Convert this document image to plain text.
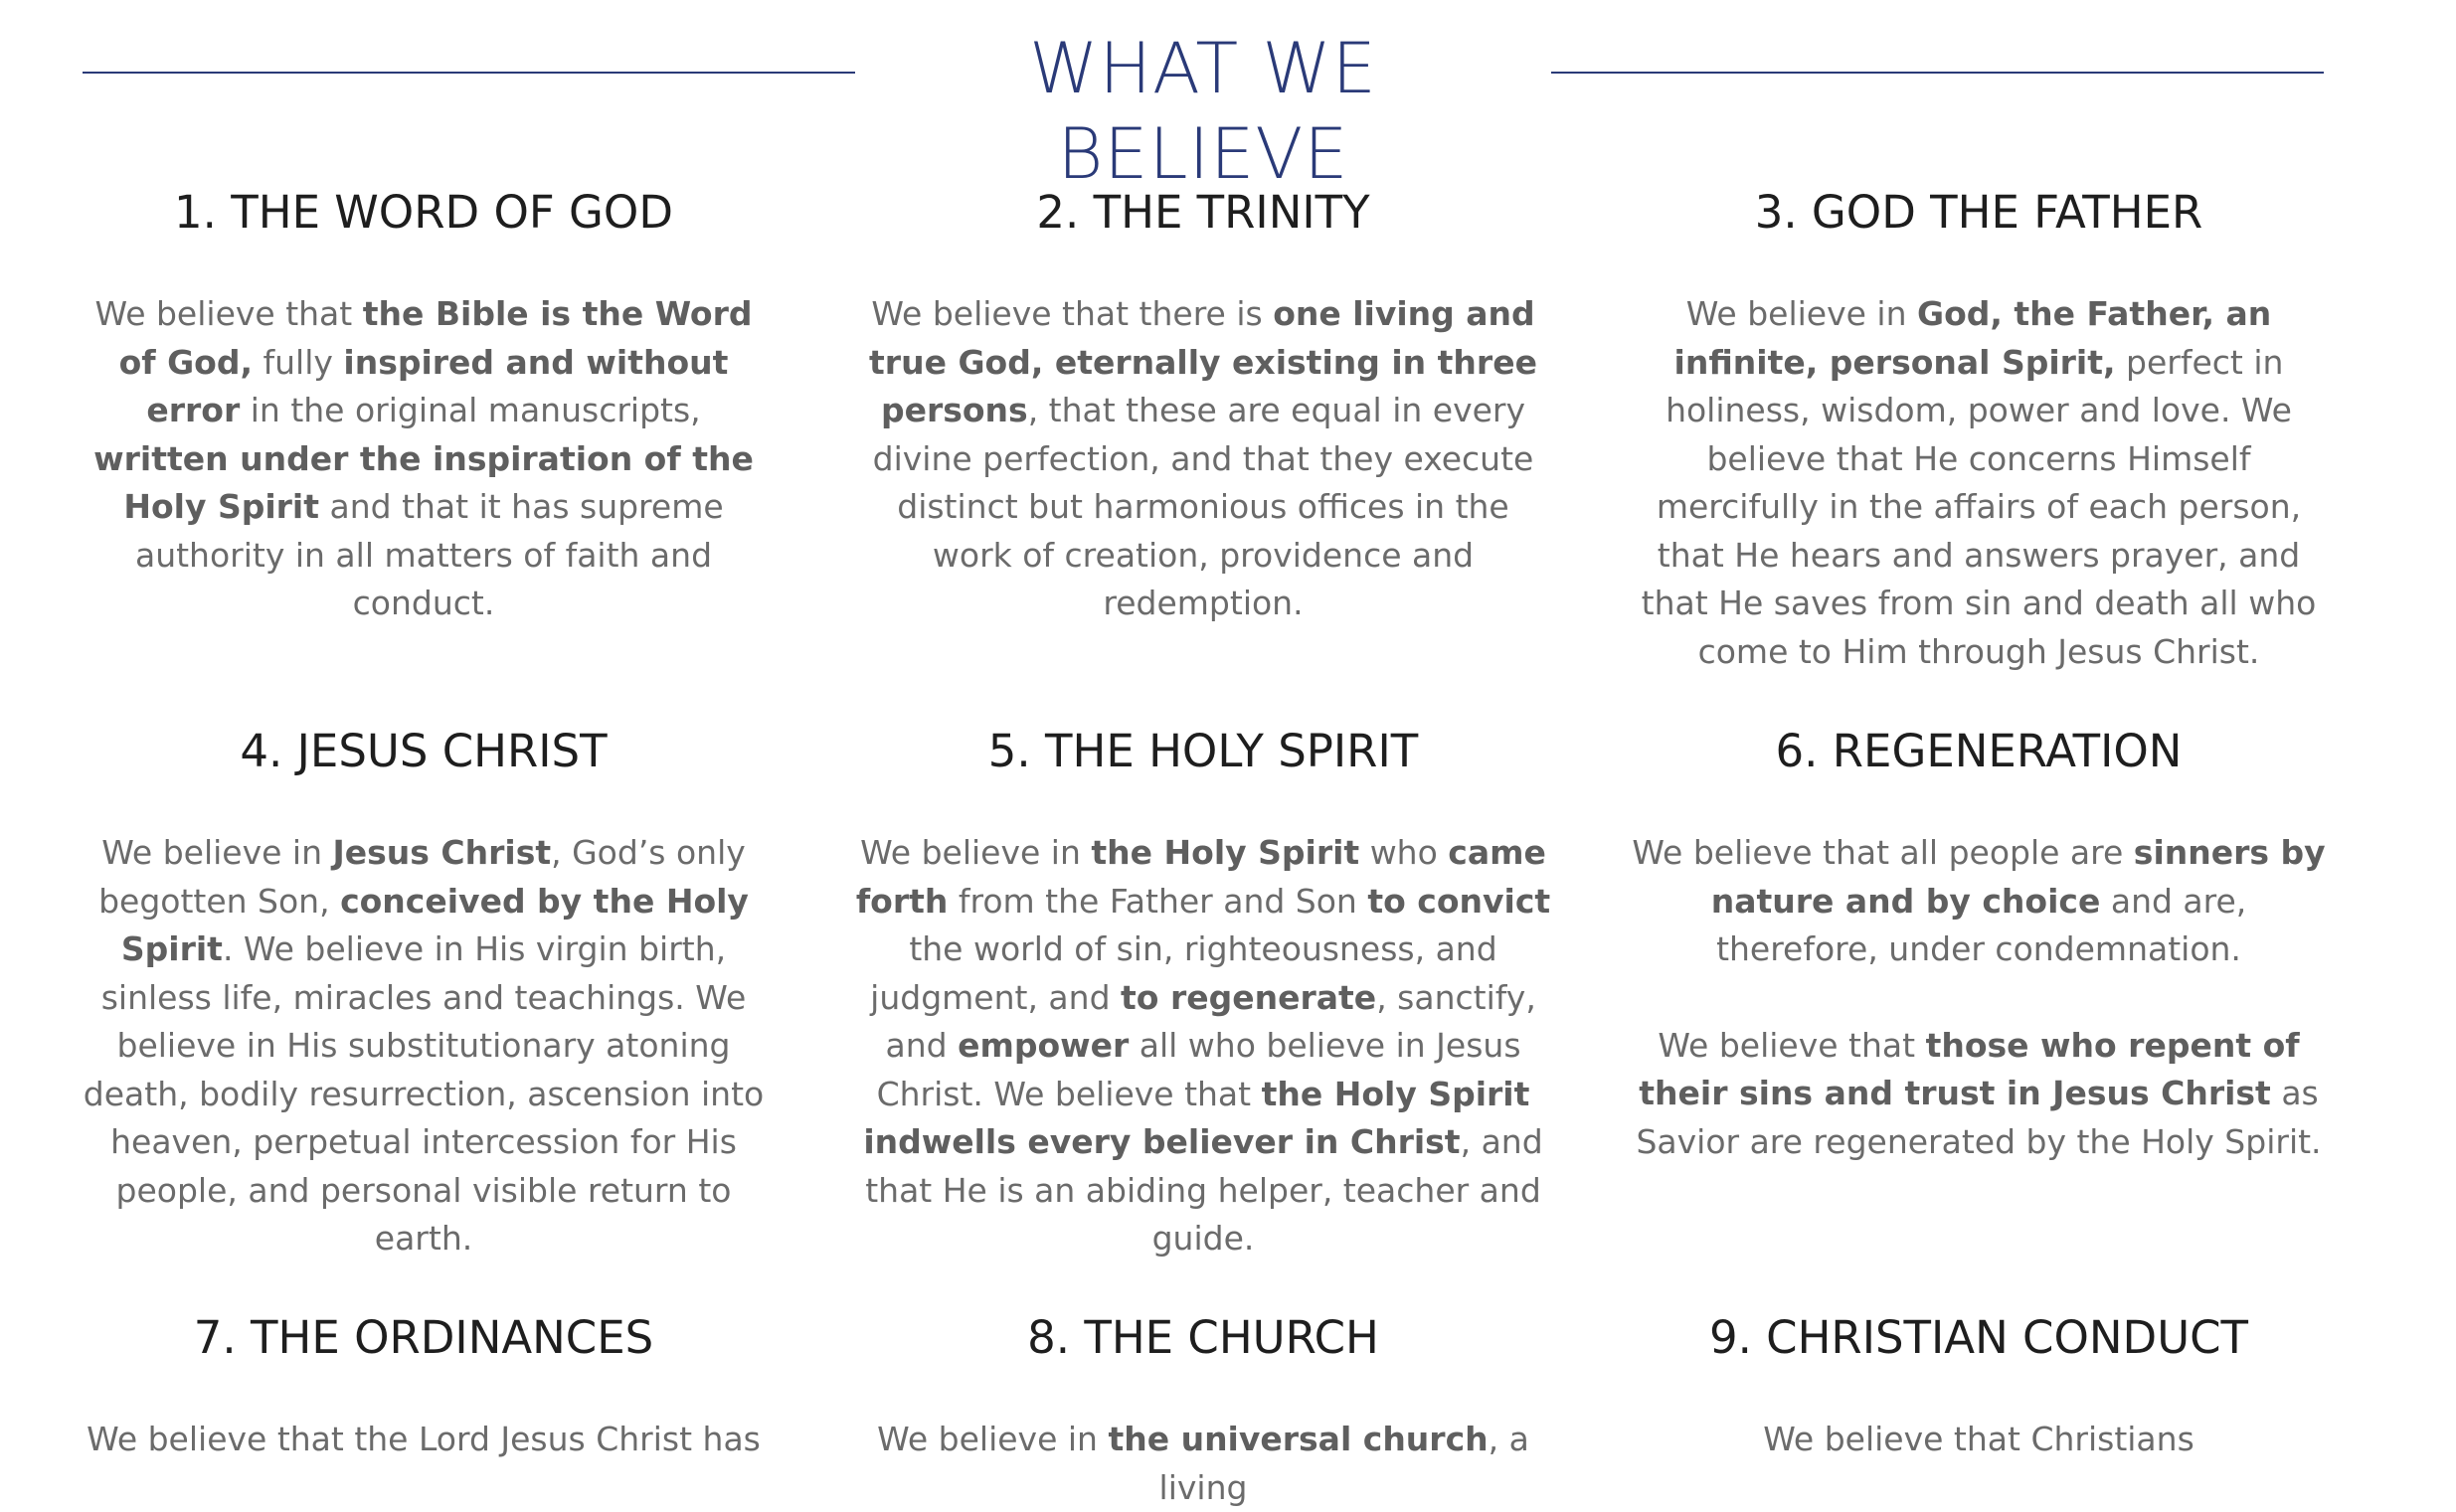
WHAT WE BELIEVE
1. THE WORD OF GOD

We believe that the Bible is the Word of God, fully inspired and without error in the original manuscripts, written under the inspiration of the Holy Spirit and that it has supreme authority in all matters of faith and conduct.

2. THE TRINITY

We believe that there is one living and true God, eternally existing in three persons, that these are equal in every divine perfection, and that they execute distinct but harmonious offices in the work of creation, providence and redemption.

3. GOD THE FATHER

We believe in God, the Father, an infinite, personal Spirit, perfect in holiness, wisdom, power and love. We believe that He concerns Himself mercifully in the affairs of each person, that He hears and answers prayer, and that He saves from sin and death all who come to Him through Jesus Christ.

4. JESUS CHRIST

We believe in Jesus Christ, God’s only begotten Son, conceived by the Holy Spirit. We believe in His virgin birth, sinless life, miracles and teachings. We believe in His substitutionary atoning death, bodily resurrection, ascension into heaven, perpetual intercession for His people, and personal visible return to earth.

5. THE HOLY SPIRIT

We believe in the Holy Spirit who came forth from the Father and Son to convict the world of sin, righteousness, and judgment, and to regenerate, sanctify, and empower all who believe in Jesus Christ. We believe that the Holy Spirit indwells every believer in Christ, and that He is an abiding helper, teacher and guide.

6. REGENERATION

We believe that all people are sinners by nature and by choice and are, therefore, under condemnation.

We believe that those who repent of their sins and trust in Jesus Christ as Savior are regenerated by the Holy Spirit.

7. THE ORDINANCES

We believe that the Lord Jesus Christ has

8. THE CHURCH

We believe in the universal church, a living

9. CHRISTIAN CONDUCT

We believe that Christians
